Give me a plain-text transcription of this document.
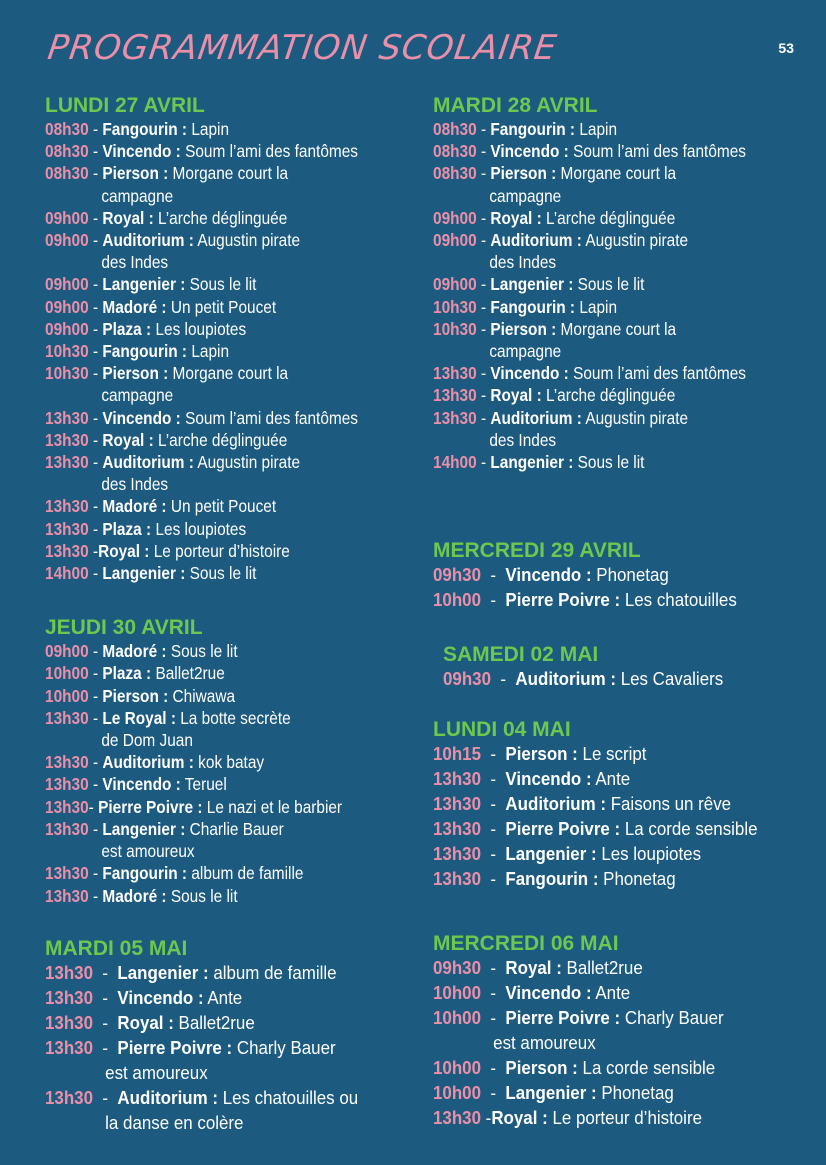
PROGRAMMATION SCOLAIRE	53
LUNDI 27 AVRIL
08h30 - Fangourin : Lapin
08h30 - Vincendo : Soum l’ami des fantômes
08h30 - Pierson : Morgane court la
campagne
09h00 - Royal : L’arche déglinguée
09h00 - Auditorium : Augustin pirate
des Indes
09h00 - Langenier : Sous le lit
09h00 - Madoré : Un petit Poucet
09h00 - Plaza : Les loupiotes
10h30 - Fangourin : Lapin
10h30 - Pierson : Morgane court la
campagne
13h30 - Vincendo : Soum l’ami des fantômes
13h30 - Royal : L’arche déglinguée
13h30 - Auditorium : Augustin pirate
des Indes
13h30 - Madoré : Un petit Poucet
13h30 - Plaza : Les loupiotes
13h30 -Royal : Le porteur d’histoire
14h00 - Langenier : Sous le lit
JEUDI 30 AVRIL
09h00 - Madoré : Sous le lit
10h00 - Plaza : Ballet2rue
10h00 - Pierson : Chiwawa
13h30 - Le Royal : La botte secrète
de Dom Juan
13h30 - Auditorium : kok batay
13h30 - Vincendo : Teruel
13h30- Pierre Poivre : Le nazi et le barbier
13h30 - Langenier : Charlie Bauer
est amoureux
13h30 - Fangourin : album de famille
13h30 - Madoré : Sous le lit
MARDI 05 MAI
13h30  -  Langenier : album de famille
13h30  -  Vincendo : Ante
13h30  -  Royal : Ballet2rue
13h30  -  Pierre Poivre : Charly Bauer
est amoureux
13h30  -  Auditorium : Les chatouilles ou
la danse en colère
MARDI 28 AVRIL
08h30 - Fangourin : Lapin
08h30 - Vincendo : Soum l’ami des fantômes
08h30 - Pierson : Morgane court la
campagne
09h00 - Royal : L’arche déglinguée
09h00 - Auditorium : Augustin pirate
des Indes
09h00 - Langenier : Sous le lit
10h30 - Fangourin : Lapin
10h30 - Pierson : Morgane court la
campagne
13h30 - Vincendo : Soum l’ami des fantômes
13h30 - Royal : L’arche déglinguée
13h30 - Auditorium : Augustin pirate
des Indes
14h00 - Langenier : Sous le lit
MERCREDI 29 AVRIL
09h30  -  Vincendo : Phonetag
10h00  -  Pierre Poivre : Les chatouilles
SAMEDI 02 MAI
09h30  -  Auditorium : Les Cavaliers
LUNDI 04 MAI
10h15  -  Pierson : Le script
13h30  -  Vincendo : Ante
13h30  -  Auditorium : Faisons un rêve
13h30  -  Pierre Poivre : La corde sensible
13h30  -  Langenier : Les loupiotes
13h30  -  Fangourin : Phonetag
MERCREDI 06 MAI
09h30  -  Royal : Ballet2rue
10h00  -  Vincendo : Ante
10h00  -  Pierre Poivre : Charly Bauer
est amoureux
10h00  -  Pierson : La corde sensible
10h00  -  Langenier : Phonetag
13h30 -Royal : Le porteur d’histoire
